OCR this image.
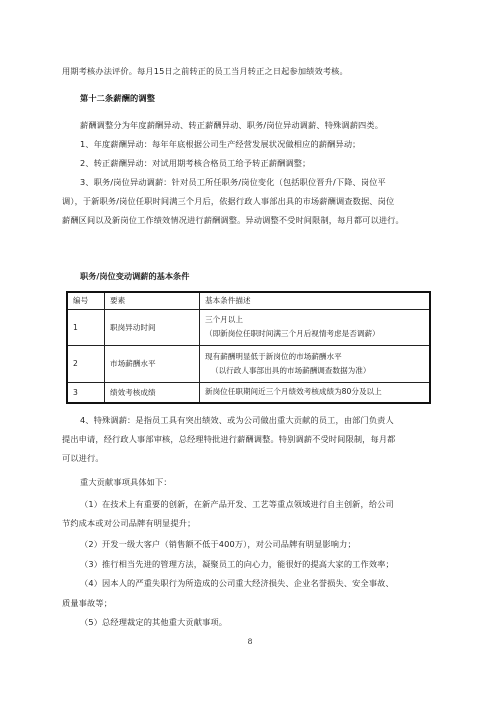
用期考核办法评价。每月15日之前转正的员工当月转正之日起参加绩效考核。
第十二条薪酬的调整
薪酬调整分为年度薪酬异动、转正薪酬异动、职务/岗位异动调薪、特殊调薪四类。
1、年度薪酬异动：每年年底根据公司生产经营发展状况做相应的薪酬异动；
2、转正薪酬异动：对试用期考核合格员工给予转正薪酬调整；
3、职务/岗位异动调薪：针对员工所任职务/岗位变化（包括职位晋升/下降、岗位平
调），于新职务/岗位任职时间满三个月后，依据行政人事部出具的市场薪酬调查数据、岗位
薪酬区间以及新岗位工作绩效情况进行薪酬调整。异动调整不受时间限制，每月都可以进行。
职务/岗位变动调薪的基本条件
编号	要素	基本条件描述
1	职岗异动时间	三个月以上
（即新岗位任职时间满三个月后视情考虑是否调薪）

2	市场薪酬水平	现有薪酬明显低于新岗位的市场薪酬水平
（以行政人事部出具的市场薪酬调查数据为准）

3	绩效考核成绩	新岗位任职期间近三个月绩效考核成绩为80分及以上
4、特殊调薪：是指员工具有突出绩效、或为公司做出重大贡献的员工，由部门负责人
提出申请，经行政人事部审核，总经理特批进行薪酬调整。特别调薪不受时间限制，每月都
可以进行。
重大贡献事项具体如下：
（1）在技术上有重要的创新，在新产品开发、工艺等重点领域进行自主创新，给公司
节约成本或对公司品牌有明显提升；
（2）开发一级大客户（销售额不低于400万），对公司品牌有明显影响力；
（3）推行相当先进的管理方法，凝聚员工的向心力，能很好的提高大家的工作效率；
（4）因本人的严重失职行为所造成的公司重大经济损失、企业名誉损失、安全事故、
质量事故等；
（5）总经理裁定的其他重大贡献事项。
8
